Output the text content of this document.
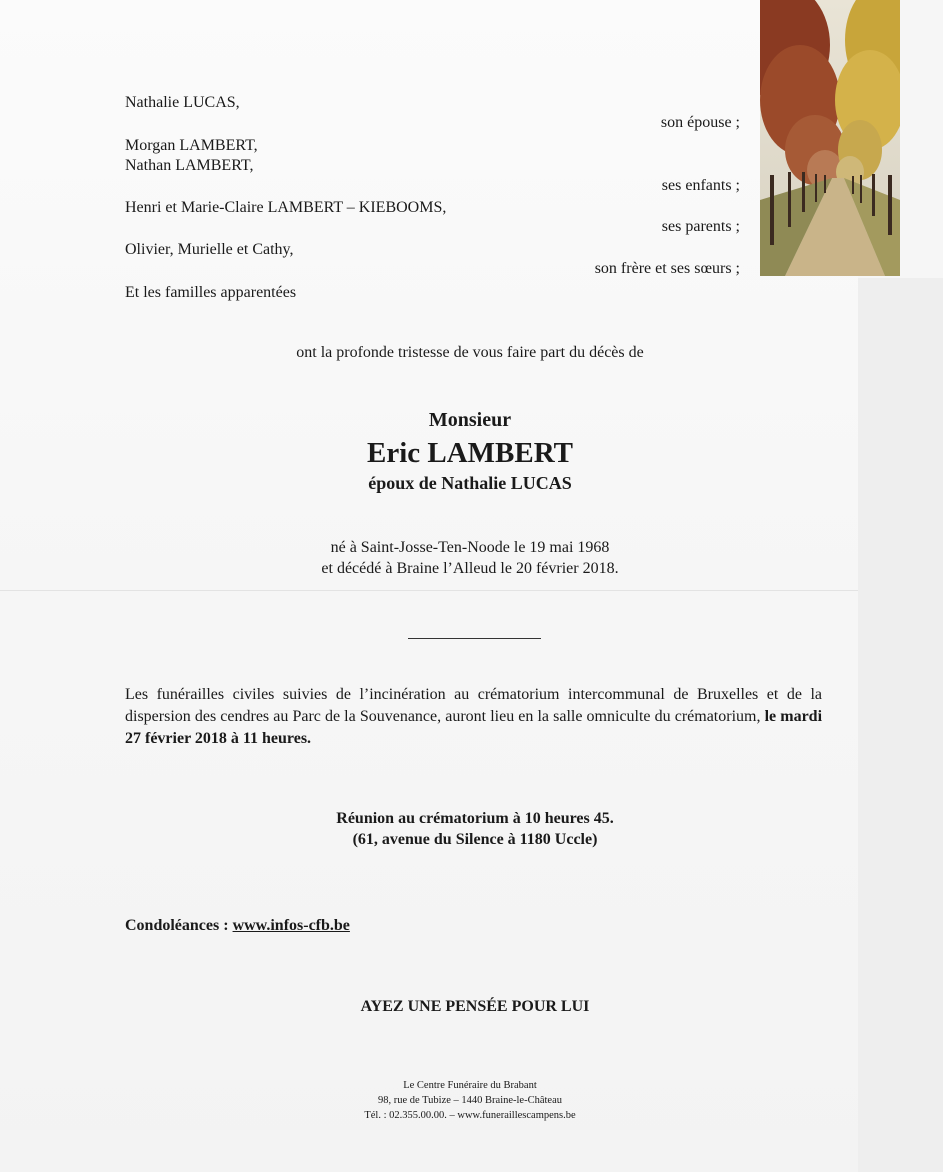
Nathalie LUCAS,
son épouse ;
Morgan LAMBERT,
Nathan LAMBERT,
ses enfants ;
Henri et Marie-Claire LAMBERT – KIEBOOMS,
ses parents ;
Olivier, Murielle et Cathy,
son frère et ses sœurs ;
Et les familles apparentées
ont la profonde tristesse de vous faire part du décès de
Monsieur
Eric LAMBERT
époux de Nathalie LUCAS
né à Saint-Josse-Ten-Noode le 19 mai 1968
et décédé à Braine l’Alleud le 20 février 2018.
Les funérailles civiles suivies de l’incinération au crématorium intercommunal de Bruxelles et de la dispersion des cendres au Parc de la Souvenance, auront lieu en la salle omniculte du crématorium, le mardi 27 février 2018 à 11 heures.
Réunion au crématorium à 10 heures 45.
(61, avenue du Silence à 1180 Uccle)
Condoléances : www.infos-cfb.be
AYEZ UNE PENSÉE POUR LUI
Le Centre Funéraire du Brabant
98, rue de Tubize – 1440 Braine-le-Château
Tél. : 02.355.00.00. – www.funeraillescampens.be
